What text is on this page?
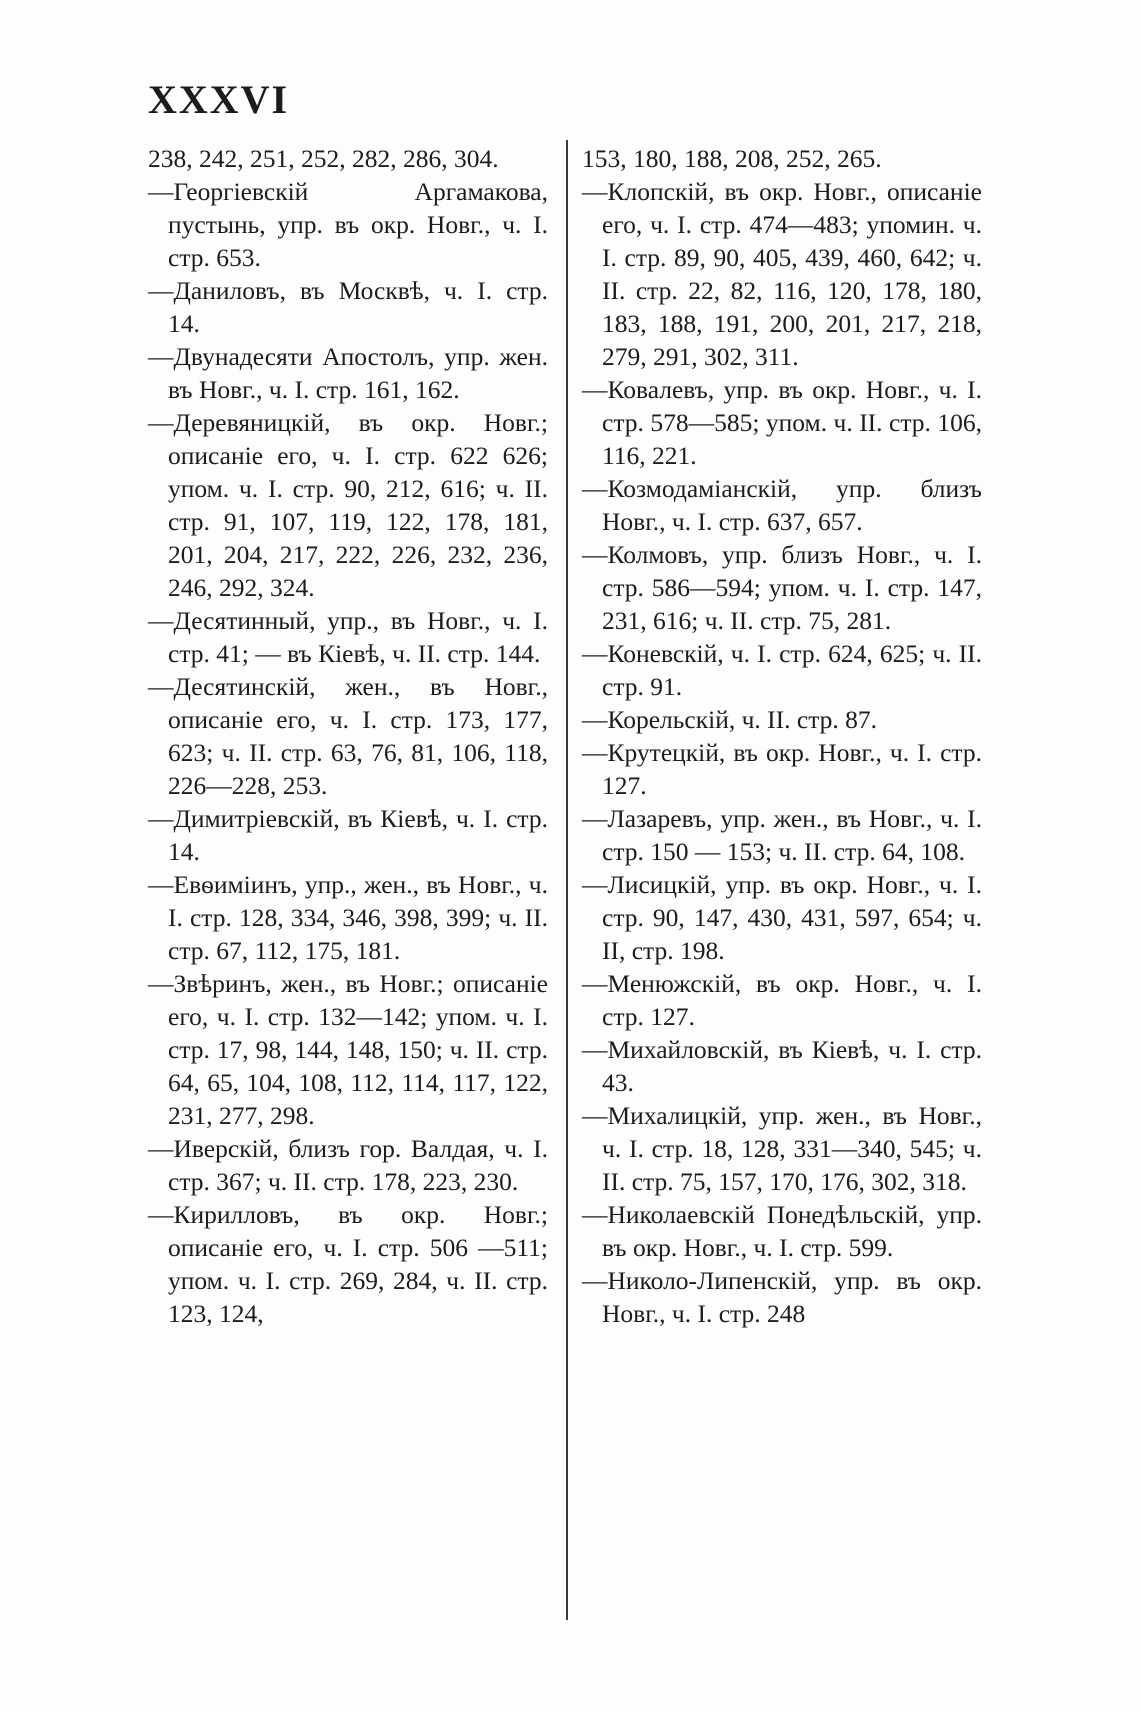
XXXVI

238, 242, 251, 252, 282, 286, 304.

—Георгіевскій Аргамакова, пустынь, упр. въ окр. Новг., ч. I. стр. 653.

—Даниловъ, въ Москвѣ, ч. I. стр. 14.

—Двунадесяти Апостолъ, упр. жен. въ Новг., ч. I. стр. 161, 162.

—Деревяницкій, въ окр. Новг.; описаніе его, ч. I. стр. 622 626; упом. ч. I. стр. 90, 212, 616; ч. II. стр. 91, 107, 119, 122, 178, 181, 201, 204, 217, 222, 226, 232, 236, 246, 292, 324.

—Десятинный, упр., въ Новг., ч. I. стр. 41; — въ Кіевѣ, ч. II. стр. 144.

—Десятинскій, жен., въ Новг., описаніе его, ч. I. стр. 173, 177, 623; ч. II. стр. 63, 76, 81, 106, 118, 226—228, 253.

—Димитріевскій, въ Кіевѣ, ч. I. стр. 14.

—Евѳиміинъ, упр., жен., въ Новг., ч. I. стр. 128, 334, 346, 398, 399; ч. II. стр. 67, 112, 175, 181.

—Звѣринъ, жен., въ Новг.; описаніе его, ч. I. стр. 132—142; упом. ч. I. стр. 17, 98, 144, 148, 150; ч. II. стр. 64, 65, 104, 108, 112, 114, 117, 122, 231, 277, 298.

—Иверскій, близъ гор. Валдая, ч. I. стр. 367; ч. II. стр. 178, 223, 230.

—Кирилловъ, въ окр. Новг.; описаніе его, ч. I. стр. 506 —511; упом. ч. I. стр. 269, 284, ч. II. стр. 123, 124,

153, 180, 188, 208, 252, 265.

—Клопскій, въ окр. Новг., описаніе его, ч. I. стр. 474—483; упомин. ч. I. стр. 89, 90, 405, 439, 460, 642; ч. II. стр. 22, 82, 116, 120, 178, 180, 183, 188, 191, 200, 201, 217, 218, 279, 291, 302, 311.

—Ковалевъ, упр. въ окр. Новг., ч. I. стр. 578—585; упом. ч. II. стр. 106, 116, 221.

—Козмодаміанскій, упр. близъ Новг., ч. I. стр. 637, 657.

—Колмовъ, упр. близъ Новг., ч. I. стр. 586—594; упом. ч. I. стр. 147, 231, 616; ч. II. стр. 75, 281.

—Коневскій, ч. I. стр. 624, 625; ч. II. стр. 91.

—Корельскій, ч. II. стр. 87.

—Крутецкій, въ окр. Новг., ч. I. стр. 127.

—Лазаревъ, упр. жен., въ Новг., ч. I. стр. 150 — 153; ч. II. стр. 64, 108.

—Лисицкій, упр. въ окр. Новг., ч. I. стр. 90, 147, 430, 431, 597, 654; ч. II, стр. 198.

—Менюжскій, въ окр. Новг., ч. I. стр. 127.

—Михайловскій, въ Кіевѣ, ч. I. стр. 43.

—Михалицкій, упр. жен., въ Новг., ч. I. стр. 18, 128, 331—340, 545; ч. II. стр. 75, 157, 170, 176, 302, 318.

—Николаевскій Понедѣльскій, упр. въ окр. Новг., ч. I. стр. 599.

—Николо-Липенскій, упр. въ окр. Новг., ч. I. стр. 248
